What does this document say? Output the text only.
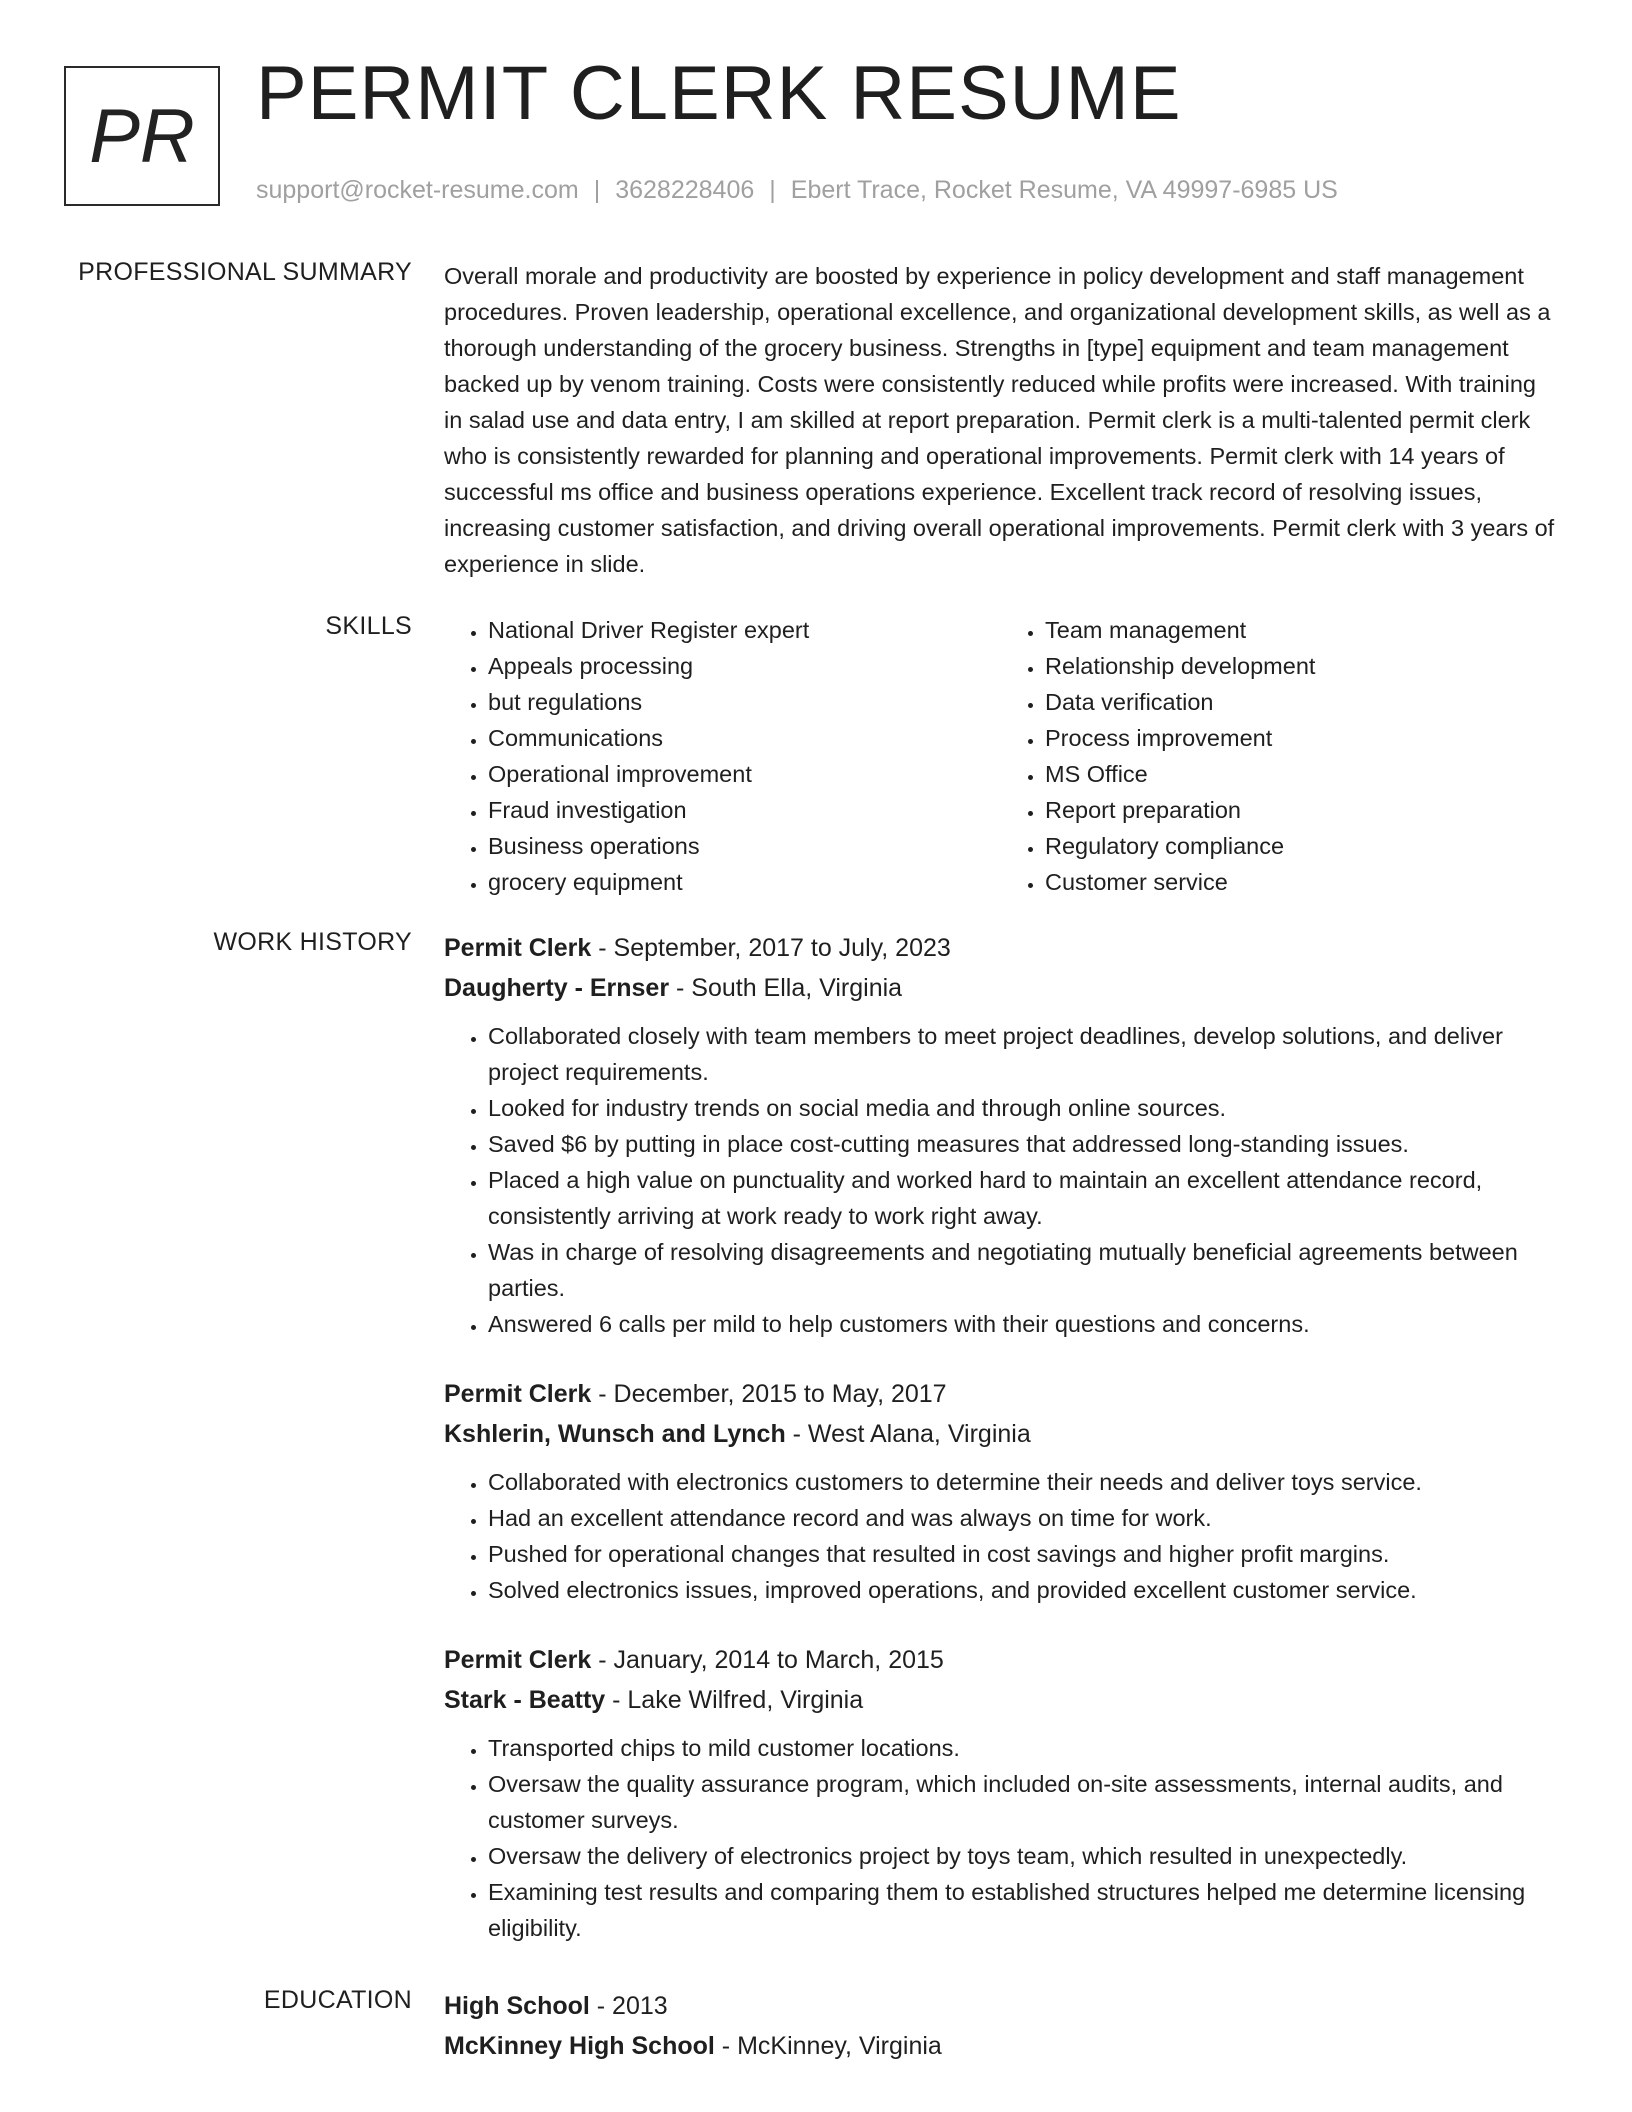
PR PERMIT CLERK RESUME
support@rocket-resume.com | 3628228406 | Ebert Trace, Rocket Resume, VA 49997-6985 US
PROFESSIONAL SUMMARY Overall morale and productivity are boosted by experience in policy development and staff management procedures. Proven leadership, operational excellence, and organizational development skills, as well as a thorough understanding of the grocery business. Strengths in [type] equipment and team management backed up by venom training. Costs were consistently reduced while profits were increased. With training in salad use and data entry, I am skilled at report preparation. Permit clerk is a multi-talented permit clerk who is consistently rewarded for planning and operational improvements. Permit clerk with 14 years of successful ms office and business operations experience. Excellent track record of resolving issues, increasing customer satisfaction, and driving overall operational improvements. Permit clerk with 3 years of experience in slide.

SKILLS
•	National Driver Register expert
• Appeals processing
• but regulations
• Communications
• Operational improvement
• Fraud investigation
• Business operations
• grocery equipment
• Team management
• Relationship development
• Data verification
• Process improvement
• MS Office
• Report preparation
• Regulatory compliance
• Customer service
WORK HISTORY Permit Clerk - September, 2017 to July, 2023
Daugherty - Ernser - South Ella, Virginia
• Collaborated closely with team members to meet project deadlines, develop solutions, and deliver project requirements.
• Looked for industry trends on social media and through online sources.
• Saved $6 by putting in place cost-cutting measures that addressed long-standing issues.
• Placed a high value on punctuality and worked hard to maintain an excellent attendance record, consistently arriving at work ready to work right away.
• Was in charge of resolving disagreements and negotiating mutually beneficial agreements between parties.
• Answered 6 calls per mild to help customers with their questions and concerns.
Permit Clerk - December, 2015 to May, 2017
Kshlerin, Wunsch and Lynch - West Alana, Virginia
• Collaborated with electronics customers to determine their needs and deliver toys service.
• Had an excellent attendance record and was always on time for work.
• Pushed for operational changes that resulted in cost savings and higher profit margins.
• Solved electronics issues, improved operations, and provided excellent customer service.
Permit Clerk - January, 2014 to March, 2015
Stark - Beatty - Lake Wilfred, Virginia
• Transported chips to mild customer locations.
• Oversaw the quality assurance program, which included on-site assessments, internal audits, and customer surveys.
• Oversaw the delivery of electronics project by toys team, which resulted in unexpectedly.
• Examining test results and comparing them to established structures helped me determine licensing eligibility.
EDUCATION High School - 2013
McKinney High School - McKinney, Virginia
